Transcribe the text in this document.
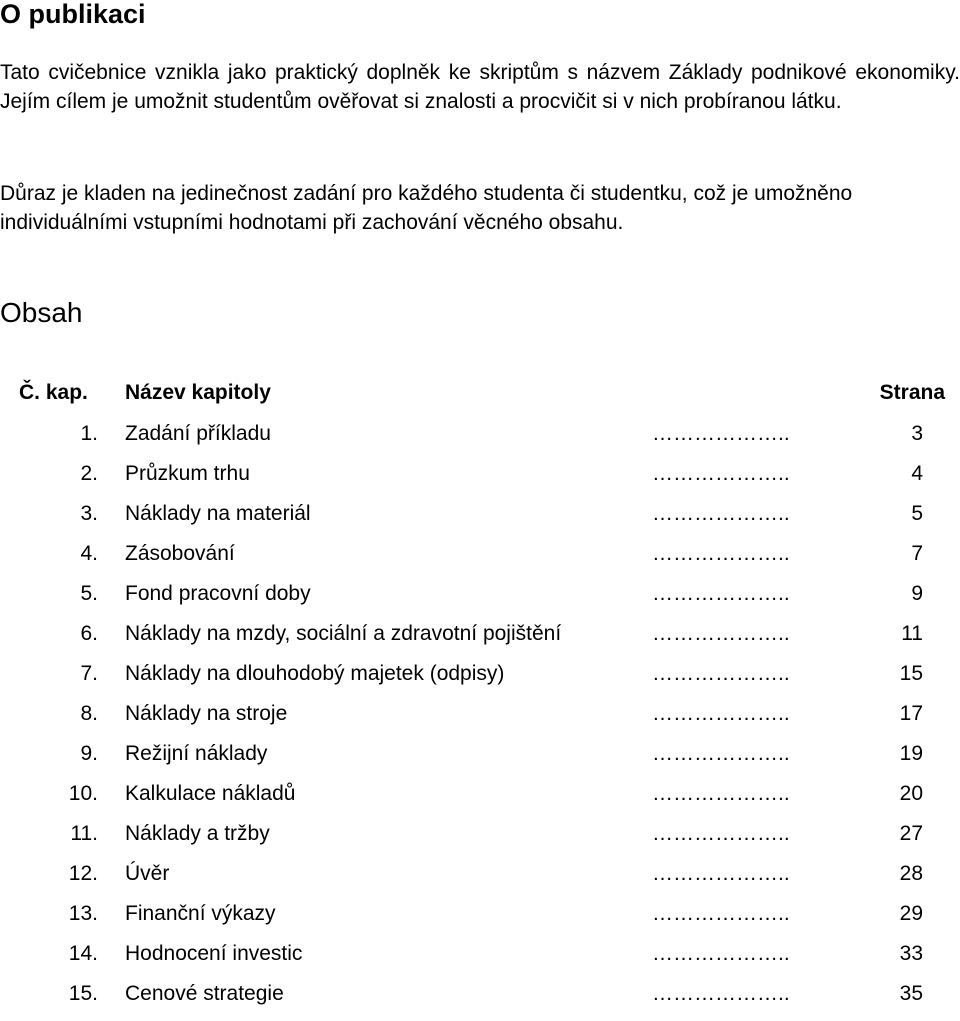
O publikaci

Tato cvičebnice vznikla jako praktický doplněk ke skriptům s názvem Základy podnikové ekonomiky. Jejím cílem je umožnit studentům ověřovat si znalosti a procvičit si v nich probíranou látku.

Důraz je kladen na jedinečnost zadání pro každého studenta či studentku, což je umožněno individuálními vstupními hodnotami při zachování věcného obsahu.

Obsah
Č. kap. Název kapitoly	Strana
1. Zadání příkladu	………………..	3
2. Průzkum trhu	………………..	4
3. Náklady na materiál	………………..	5
4. Zásobování	………………..	7
5. Fond pracovní doby	………………..	9
6. Náklady na mzdy, sociální a zdravotní pojištění	………………..	11
7. Náklady na dlouhodobý majetek (odpisy)	………………..	15
8. Náklady na stroje	………………..	17
9. Režijní náklady	………………..	19
10. Kalkulace nákladů	………………..	20
11. Náklady a tržby	………………..	27
12. Úvěr	………………..	28
13. Finanční výkazy	………………..	29
14. Hodnocení investic	………………..	33
15. Cenové strategie	………………..	35
